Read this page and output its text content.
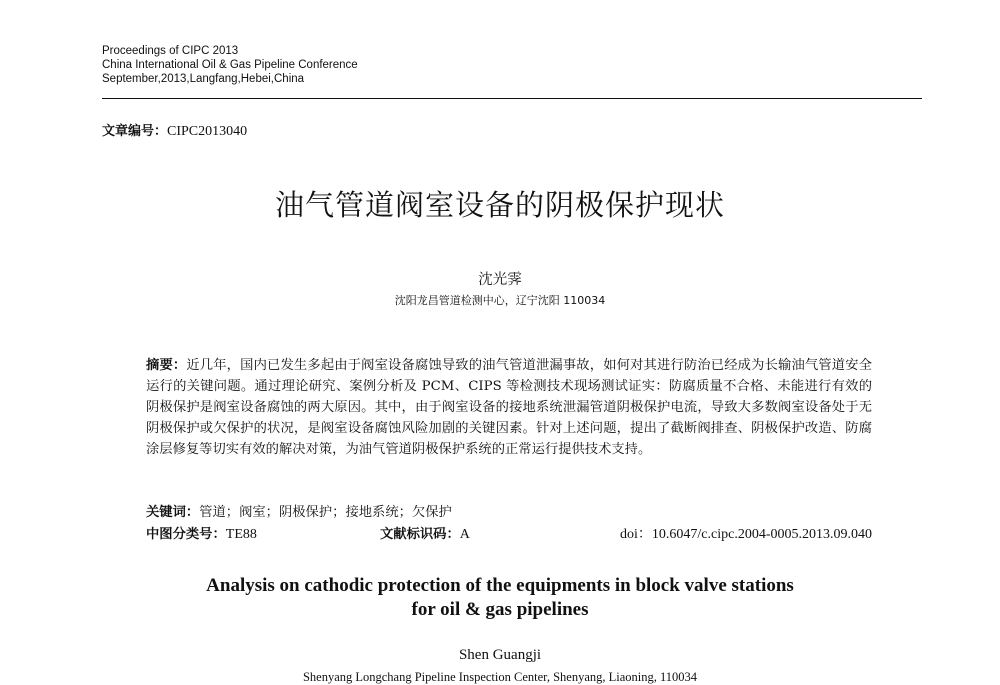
Proceedings of CIPC 2013
China International Oil & Gas Pipeline Conference
September,2013,Langfang,Hebei,China
文章编号：CIPC2013040
油气管道阀室设备的阴极保护现状
沈光霁
沈阳龙昌管道检测中心，辽宁沈阳 110034
摘要：近几年，国内已发生多起由于阀室设备腐蚀导致的油气管道泄漏事故，如何对其进行防治已经成为长输油气管道安全运行的关键问题。通过理论研究、案例分析及 PCM、CIPS 等检测技术现场测试证实：防腐质量不合格、未能进行有效的阴极保护是阀室设备腐蚀的两大原因。其中，由于阀室设备的接地系统泄漏管道阴极保护电流，导致大多数阀室设备处于无阴极保护或欠保护的状况，是阀室设备腐蚀风险加剧的关键因素。针对上述问题，提出了截断阀排查、阴极保护改造、防腐涂层修复等切实有效的解决对策，为油气管道阴极保护系统的正常运行提供技术支持。
关键词：管道；阀室；阴极保护；接地系统；欠保护
中图分类号：TE88	文献标识码：A	doi：10.6047/c.cipc.2004-0005.2013.09.040
Analysis on cathodic protection of the equipments in block valve stations
for oil & gas pipelines
Shen Guangji
Shenyang Longchang Pipeline Inspection Center, Shenyang, Liaoning, 110034
